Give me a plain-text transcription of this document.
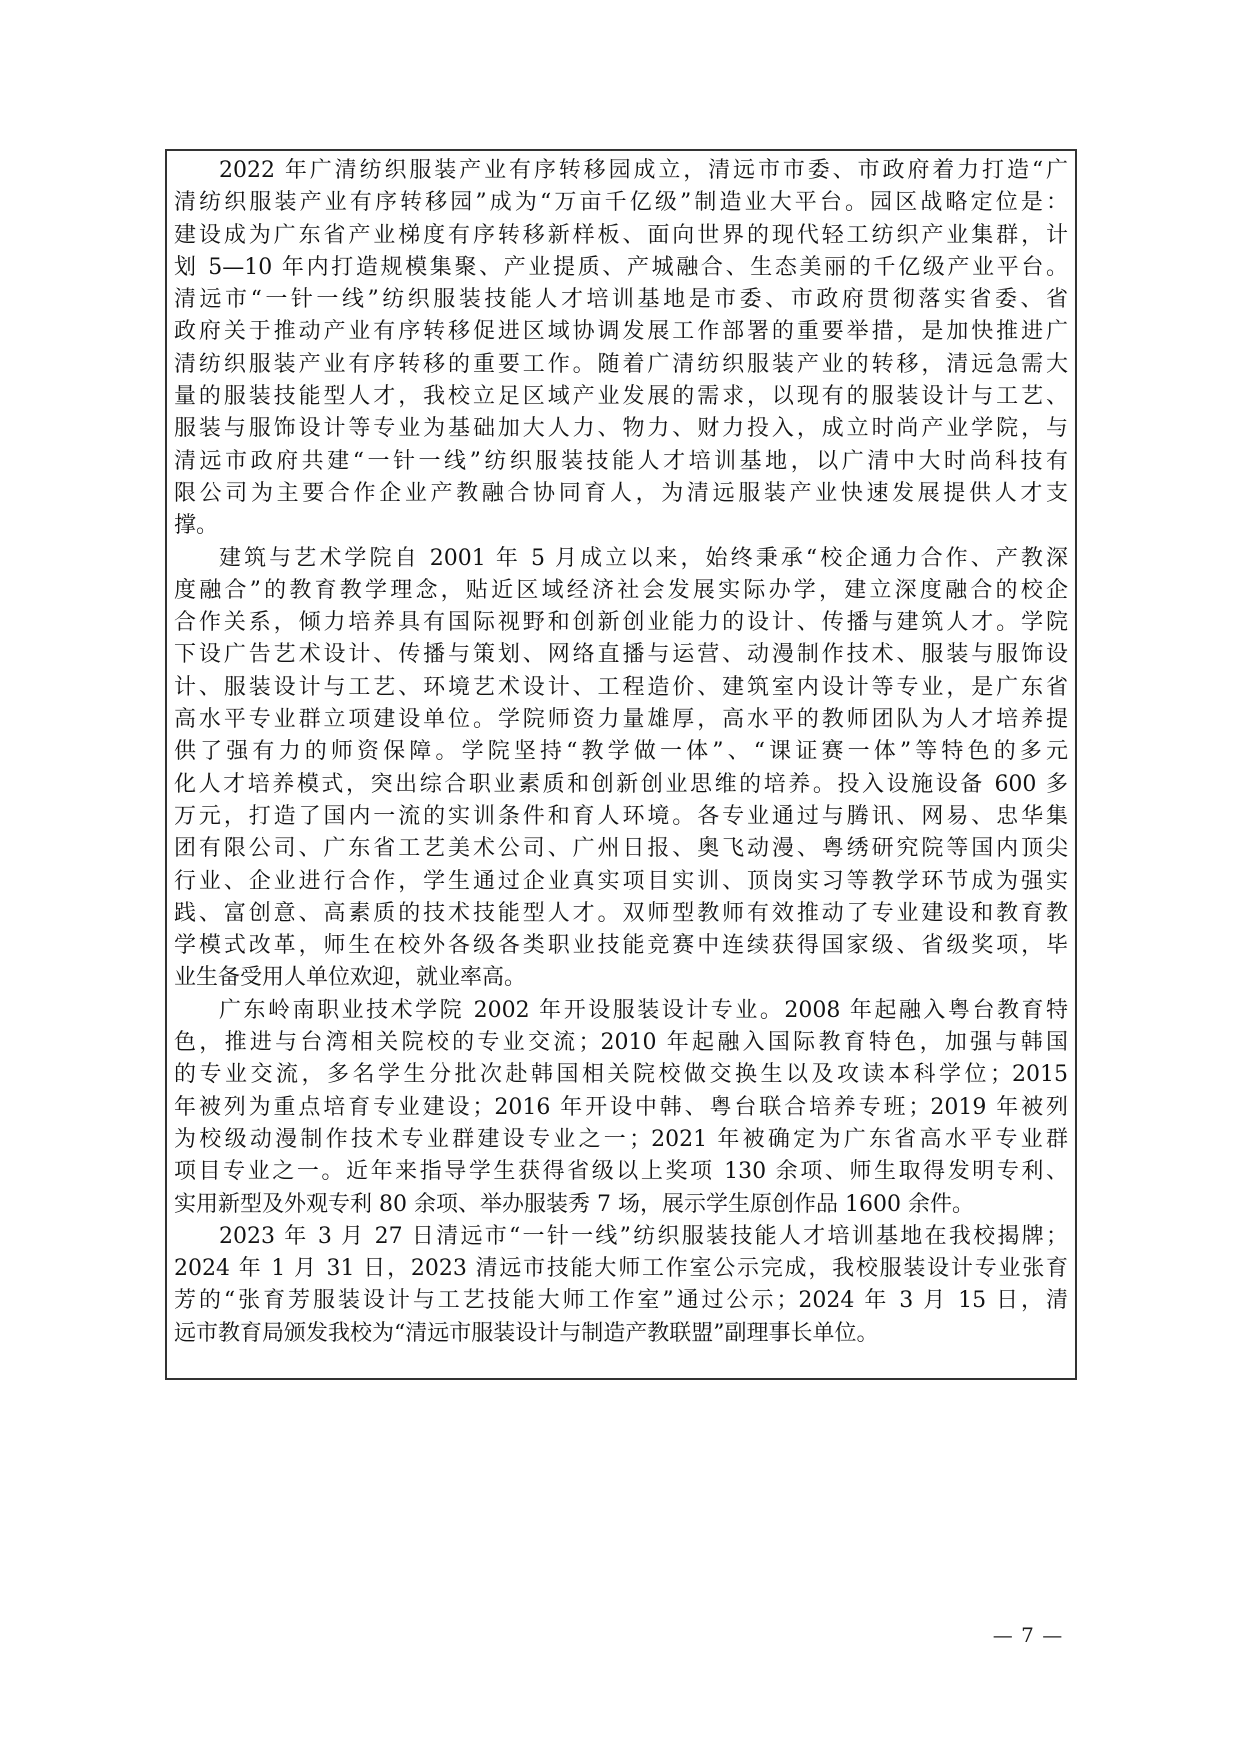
2022 年广清纺织服装产业有序转移园成立，清远市市委、市政府着力打造“广
清纺织服装产业有序转移园”成为“万亩千亿级”制造业大平台。园区战略定位是：
建设成为广东省产业梯度有序转移新样板、面向世界的现代轻工纺织产业集群，计
划 5—10 年内打造规模集聚、产业提质、产城融合、生态美丽的千亿级产业平台。
清远市“一针一线”纺织服装技能人才培训基地是市委、市政府贯彻落实省委、省
政府关于推动产业有序转移促进区域协调发展工作部署的重要举措，是加快推进广
清纺织服装产业有序转移的重要工作。随着广清纺织服装产业的转移，清远急需大
量的服装技能型人才，我校立足区域产业发展的需求，以现有的服装设计与工艺、
服装与服饰设计等专业为基础加大人力、物力、财力投入，成立时尚产业学院，与
清远市政府共建“一针一线”纺织服装技能人才培训基地，以广清中大时尚科技有
限公司为主要合作企业产教融合协同育人，为清远服装产业快速发展提供人才支
撑。
建筑与艺术学院自 2001 年 5 月成立以来，始终秉承“校企通力合作、产教深
度融合”的教育教学理念，贴近区域经济社会发展实际办学，建立深度融合的校企
合作关系，倾力培养具有国际视野和创新创业能力的设计、传播与建筑人才。学院
下设广告艺术设计、传播与策划、网络直播与运营、动漫制作技术、服装与服饰设
计、服装设计与工艺、环境艺术设计、工程造价、建筑室内设计等专业，是广东省
高水平专业群立项建设单位。学院师资力量雄厚，高水平的教师团队为人才培养提
供了强有力的师资保障。学院坚持“教学做一体”、“课证赛一体”等特色的多元
化人才培养模式，突出综合职业素质和创新创业思维的培养。投入设施设备 600 多
万元，打造了国内一流的实训条件和育人环境。各专业通过与腾讯、网易、忠华集
团有限公司、广东省工艺美术公司、广州日报、奥飞动漫、粤绣研究院等国内顶尖
行业、企业进行合作，学生通过企业真实项目实训、顶岗实习等教学环节成为强实
践、富创意、高素质的技术技能型人才。双师型教师有效推动了专业建设和教育教
学模式改革，师生在校外各级各类职业技能竞赛中连续获得国家级、省级奖项，毕
业生备受用人单位欢迎，就业率高。
广东岭南职业技术学院 2002 年开设服装设计专业。2008 年起融入粤台教育特
色，推进与台湾相关院校的专业交流；2010 年起融入国际教育特色，加强与韩国
的专业交流，多名学生分批次赴韩国相关院校做交换生以及攻读本科学位；2015
年被列为重点培育专业建设；2016 年开设中韩、粤台联合培养专班；2019 年被列
为校级动漫制作技术专业群建设专业之一；2021 年被确定为广东省高水平专业群
项目专业之一。近年来指导学生获得省级以上奖项 130 余项、师生取得发明专利、
实用新型及外观专利 80 余项、举办服装秀 7 场，展示学生原创作品 1600 余件。
2023 年 3 月 27 日清远市“一针一线”纺织服装技能人才培训基地在我校揭牌；
2024 年 1 月 31 日，2023 清远市技能大师工作室公示完成，我校服装设计专业张育
芳的“张育芳服装设计与工艺技能大师工作室”通过公示；2024 年 3 月 15 日，清
远市教育局颁发我校为“清远市服装设计与制造产教联盟”副理事长单位。
— 7 —
